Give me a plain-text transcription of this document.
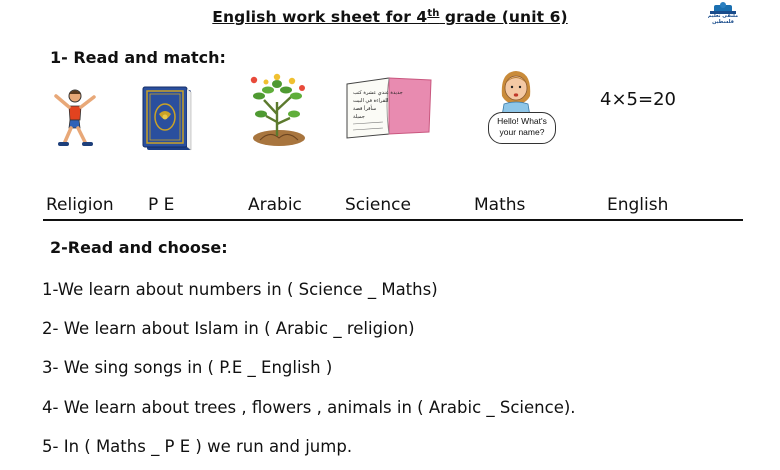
English work sheet for 4th grade (unit 6)	ملتقى تعليم فلسطين
1- Read and match:
جديدة عندي عشرة كتب
للقراءة في البيت
سأقرأ قصة
جميلة	Hello! What's
your name?
4×5=20
Religion P E	Arabic	Science	Maths	English
2-Read and choose:
1-We learn about numbers in ( Science _ Maths)
2- We learn about Islam in ( Arabic _ religion)
3- We sing songs in ( P.E _ English )
4- We learn about trees , flowers , animals in ( Arabic _ Science).
5- In ( Maths _ P E ) we run and jump.
